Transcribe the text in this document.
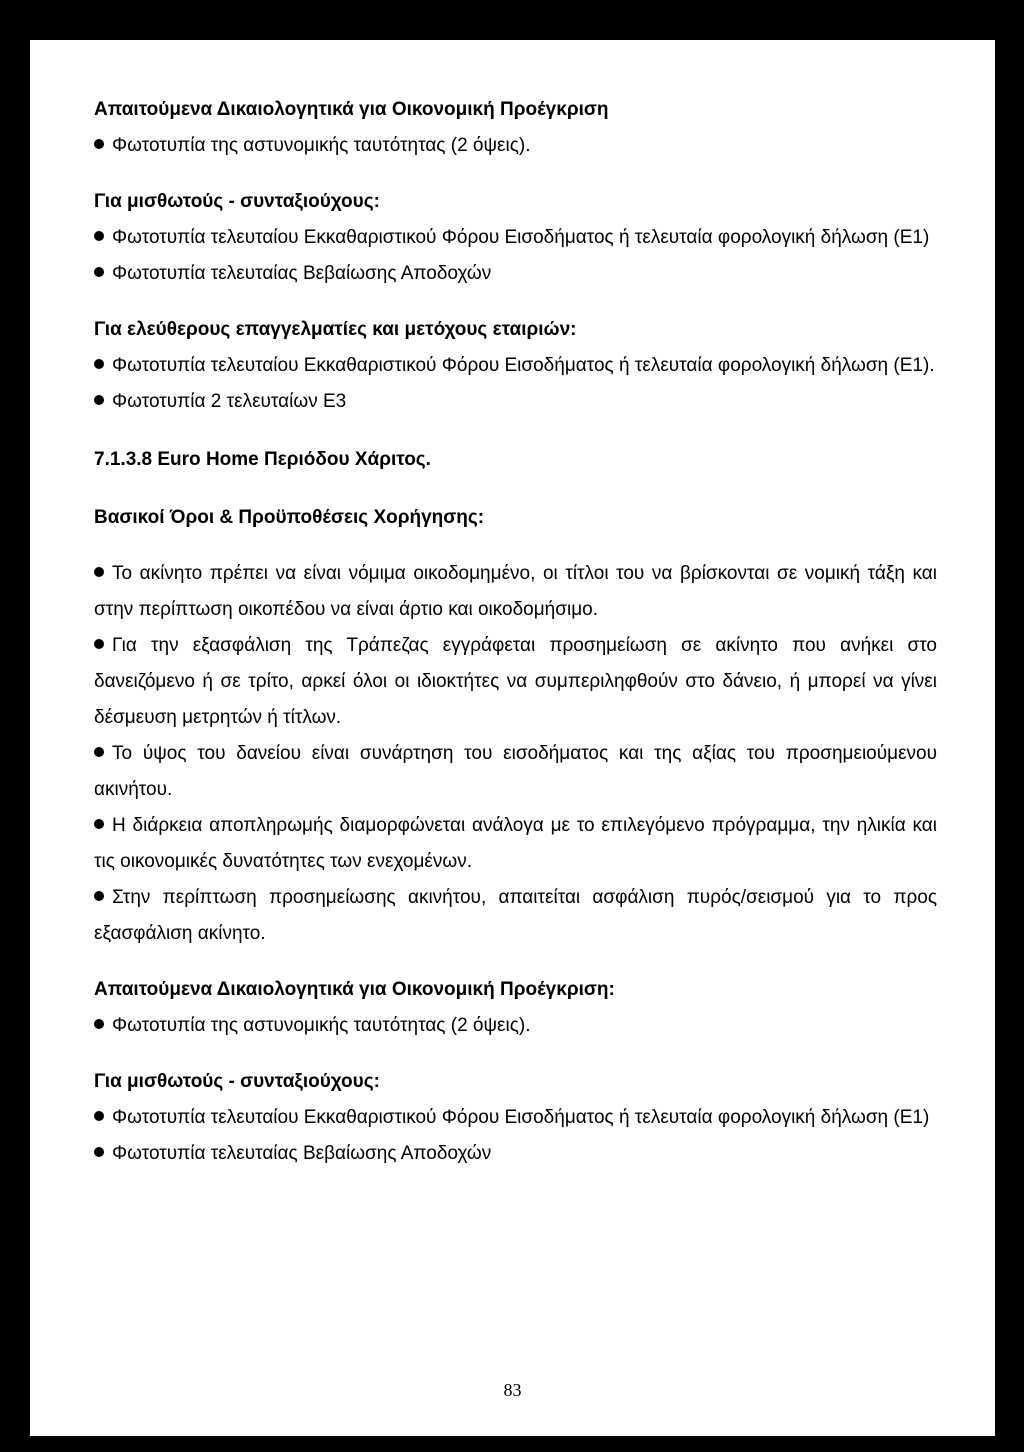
Απαιτούμενα Δικαιολογητικά για Οικονομική Προέγκριση

Φωτοτυπία της αστυνομικής ταυτότητας (2 όψεις).

Για μισθωτούς - συνταξιούχους:

Φωτοτυπία τελευταίου Εκκαθαριστικού Φόρου Εισοδήματος ή τελευταία φορολογική δήλωση (Ε1)

Φωτοτυπία τελευταίας Βεβαίωσης Αποδοχών

Για ελεύθερους επαγγελματίες και μετόχους εταιριών:

Φωτοτυπία τελευταίου Εκκαθαριστικού Φόρου Εισοδήματος ή τελευταία φορολογική δήλωση (Ε1).

Φωτοτυπία 2 τελευταίων Ε3

7.1.3.8 Euro Home Περιόδου Χάριτος.

Βασικοί Όροι & Προϋποθέσεις Χορήγησης:

Το ακίνητο πρέπει να είναι νόμιμα οικοδομημένο, οι τίτλοι του να βρίσκονται σε νομική τάξη και στην περίπτωση οικοπέδου να είναι άρτιο και οικοδομήσιμο.

Για την εξασφάλιση της Τράπεζας εγγράφεται προσημείωση σε ακίνητο που ανήκει στο δανειζόμενο ή σε τρίτο, αρκεί όλοι οι ιδιοκτήτες να συμπεριληφθούν στο δάνειο, ή μπορεί να γίνει δέσμευση μετρητών ή τίτλων.

Το ύψος του δανείου είναι συνάρτηση του εισοδήματος και της αξίας του προσημειούμενου ακινήτου.

Η διάρκεια αποπληρωμής διαμορφώνεται ανάλογα με το επιλεγόμενο πρόγραμμα, την ηλικία και τις οικονομικές δυνατότητες των ενεχομένων.

Στην περίπτωση προσημείωσης ακινήτου, απαιτείται ασφάλιση πυρός/σεισμού για το προς εξασφάλιση ακίνητο.

Απαιτούμενα Δικαιολογητικά για Οικονομική Προέγκριση:

Φωτοτυπία της αστυνομικής ταυτότητας (2 όψεις).

Για μισθωτούς - συνταξιούχους:

Φωτοτυπία τελευταίου Εκκαθαριστικού Φόρου Εισοδήματος ή τελευταία φορολογική δήλωση (Ε1)

Φωτοτυπία τελευταίας Βεβαίωσης Αποδοχών

83
